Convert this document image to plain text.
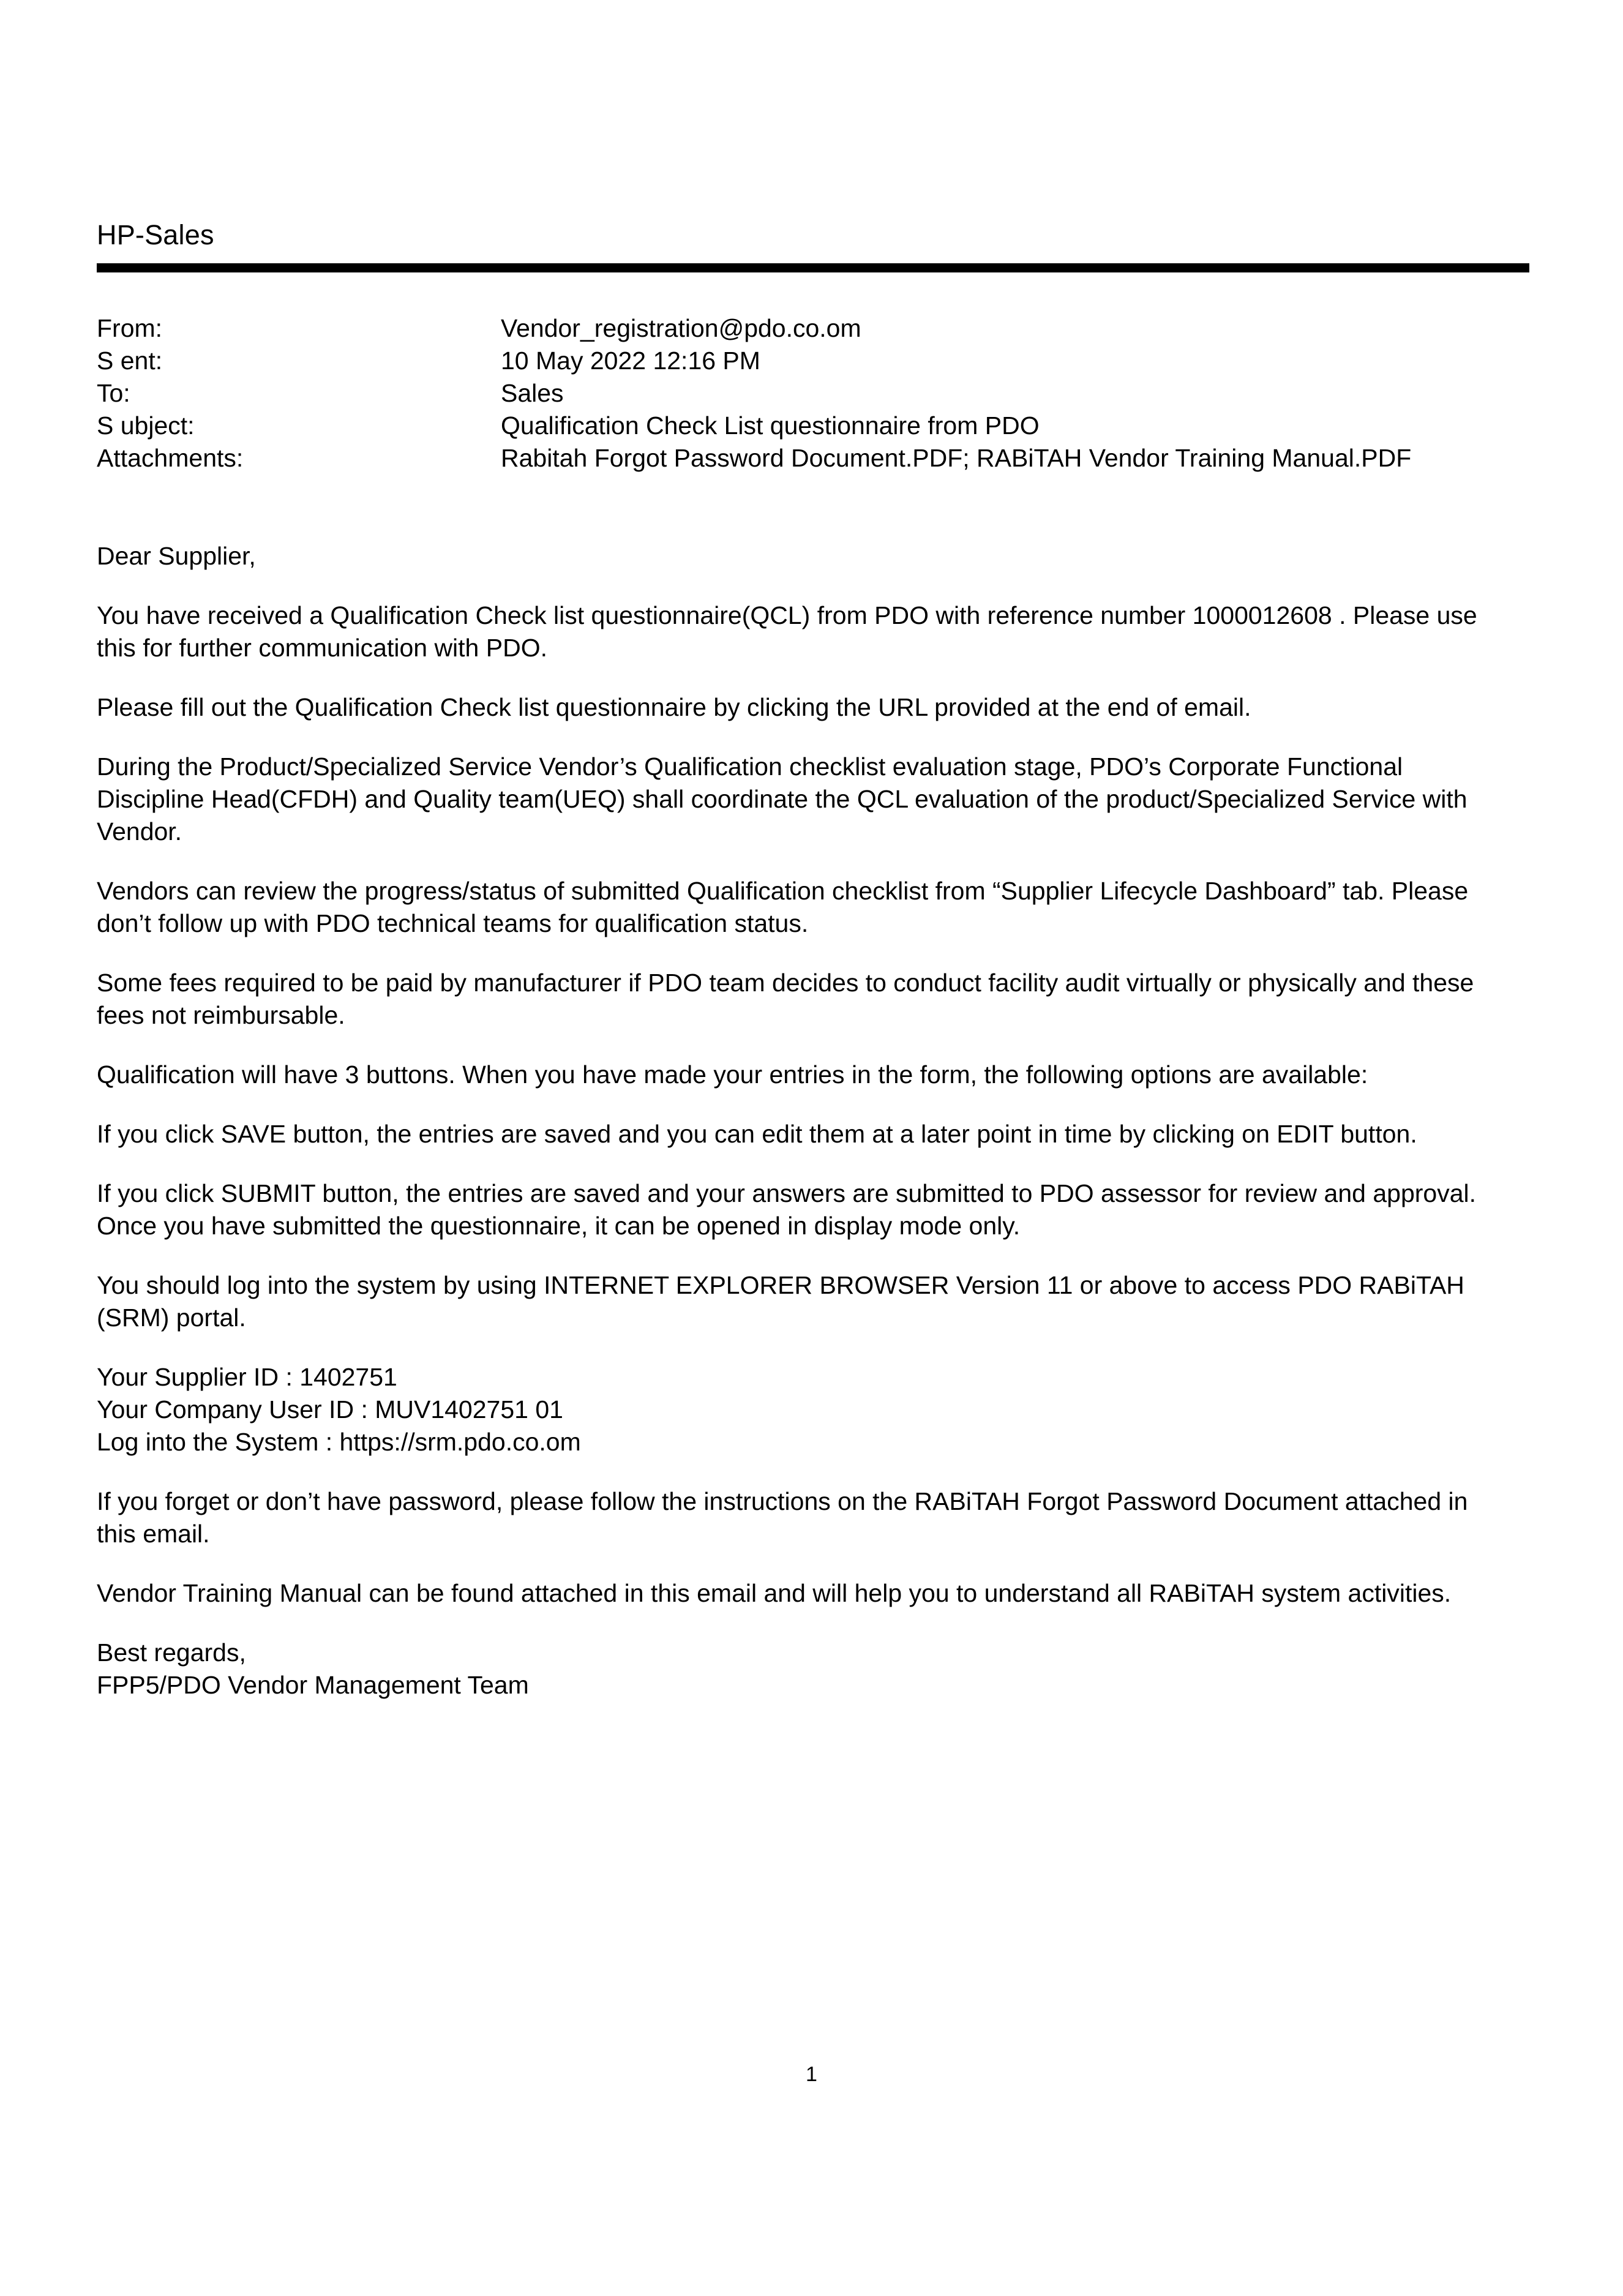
HP-Sales
From:	Vendor_registration@pdo.co.om
S ent:	10 May 2022 12:16 PM
To:	Sales
S ubject:	Qualification Check List questionnaire from PDO
Attachments:	Rabitah Forgot Password Document.PDF; RABiTAH Vendor Training Manual.PDF

Dear Supplier,

You have received a Qualification Check list questionnaire(QCL) from PDO with reference number 1000012608 . Please use this for further communication with PDO.

Please fill out the Qualification Check list questionnaire by clicking the URL provided at the end of email.

During the Product/Specialized Service Vendor’s Qualification checklist evaluation stage, PDO’s Corporate Functional Discipline Head(CFDH) and Quality team(UEQ) shall coordinate the QCL evaluation of the product/Specialized Service with Vendor.

Vendors can review the progress/status of submitted Qualification checklist from “Supplier Lifecycle Dashboard” tab. Please don’t follow up with PDO technical teams for qualification status.

Some fees required to be paid by manufacturer if PDO team decides to conduct facility audit virtually or physically and these fees not reimbursable.

Qualification will have 3 buttons. When you have made your entries in the form, the following options are available:

If you click SAVE button, the entries are saved and you can edit them at a later point in time by clicking on EDIT button.

If you click SUBMIT button, the entries are saved and your answers are submitted to PDO assessor for review and approval. Once you have submitted the questionnaire, it can be opened in display mode only.

You should log into the system by using INTERNET EXPLORER BROWSER Version 11 or above to access PDO RABiTAH (SRM) portal.

Your Supplier ID : 1402751
Your Company User ID : MUV1402751 01
Log into the System : https://srm.pdo.co.om

If you forget or don’t have password, please follow the instructions on the RABiTAH Forgot Password Document attached in this email.

Vendor Training Manual can be found attached in this email and will help you to understand all RABiTAH system activities.

Best regards,
FPP5/PDO Vendor Management Team
1
